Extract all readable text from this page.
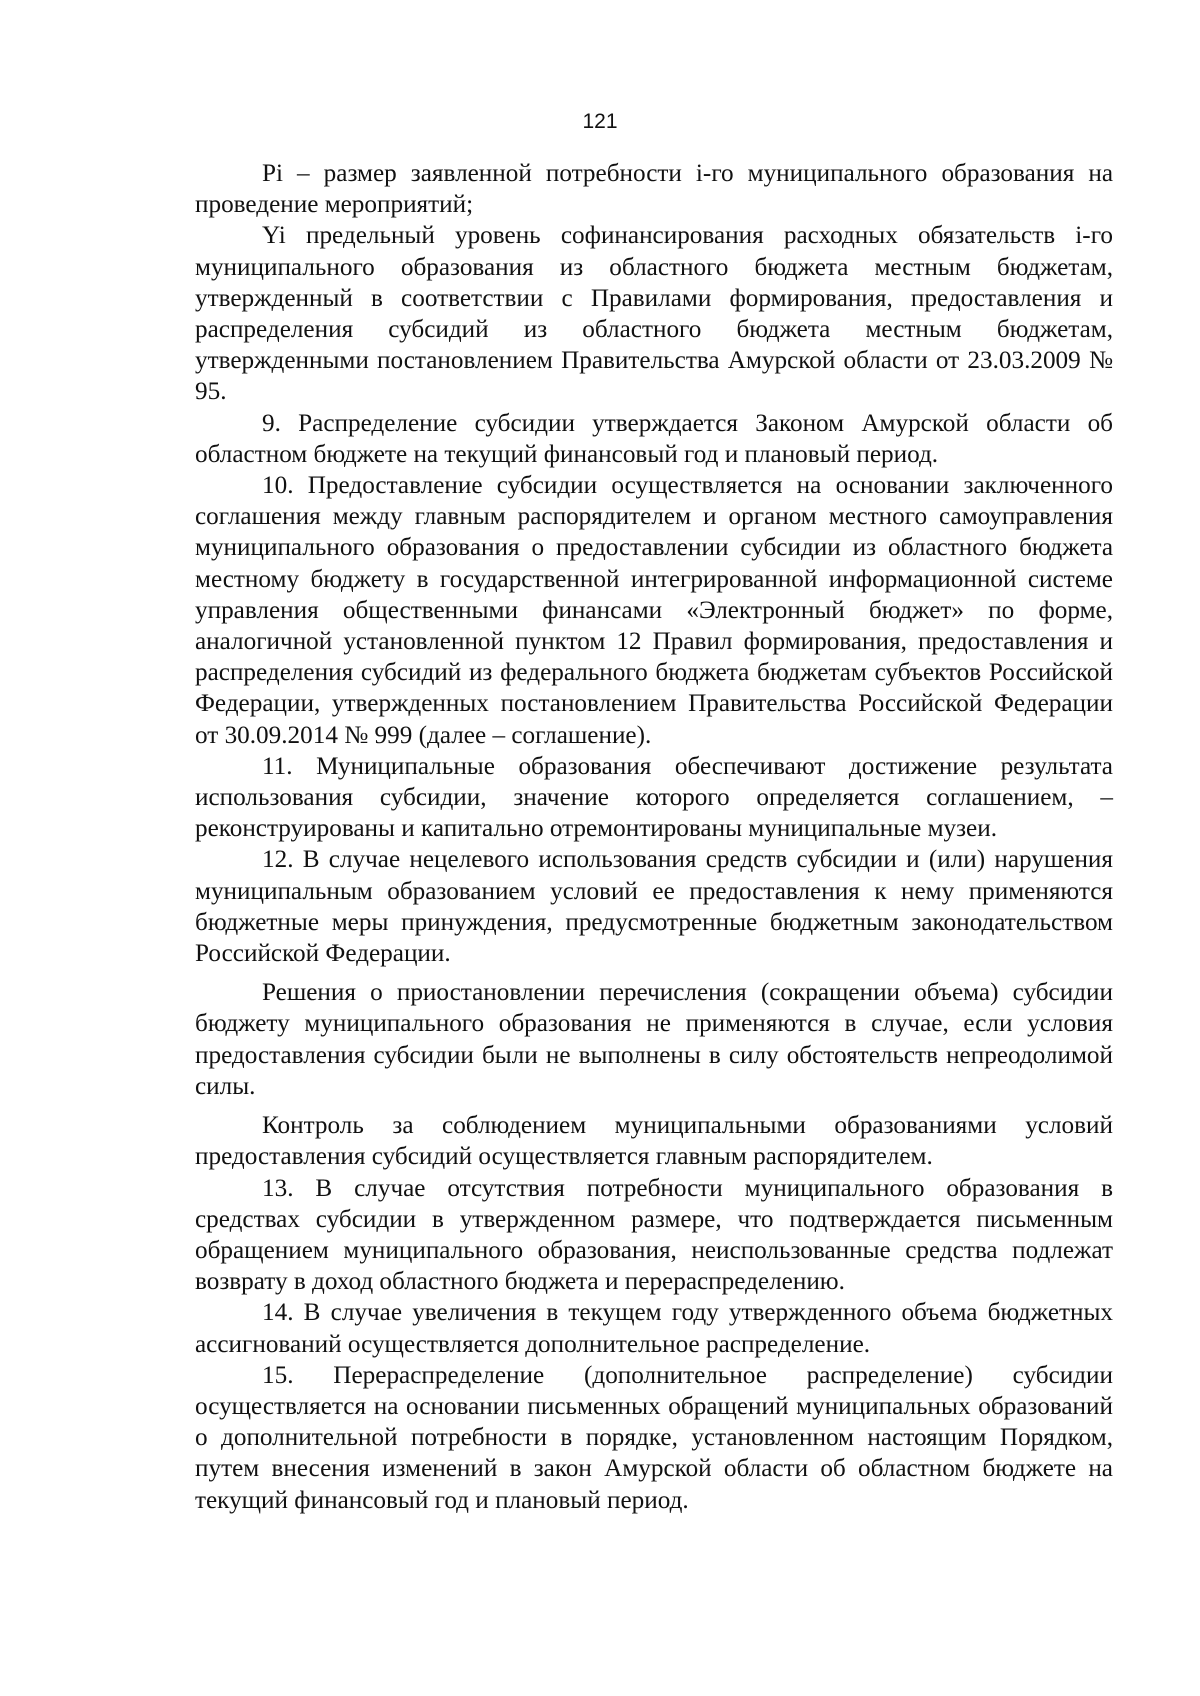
121

Pi – размер заявленной потребности i-го муниципального образования на проведение мероприятий;

Yi предельный уровень софинансирования расходных обязательств i-го муниципального образования из областного бюджета местным бюджетам, утвержденный в соответствии с Правилами формирования, предоставления и распределения субсидий из областного бюджета местным бюджетам, утвержденными постановлением Правительства Амурской области от 23.03.2009 № 95.

9. Распределение субсидии утверждается Законом Амурской области об областном бюджете на текущий финансовый год и плановый период.

10. Предоставление субсидии осуществляется на основании заключенного соглашения между главным распорядителем и органом местного самоуправления муниципального образования о предоставлении субсидии из областного бюджета местному бюджету в государственной интегрированной информационной системе управления общественными финансами «Электронный бюджет» по форме, аналогичной установленной пунктом 12 Правил формирования, предоставления и распределения субсидий из федерального бюджета бюджетам субъектов Российской Федерации, утвержденных постановлением Правительства Российской Федерации от 30.09.2014 № 999 (далее – соглашение).

11. Муниципальные образования обеспечивают достижение результата использования субсидии, значение которого определяется соглашением, – реконструированы и капитально отремонтированы муниципальные музеи.

12. В случае нецелевого использования средств субсидии и (или) нарушения муниципальным образованием условий ее предоставления к нему применяются бюджетные меры принуждения, предусмотренные бюджетным законодательством Российской Федерации.

Решения о приостановлении перечисления (сокращении объема) субсидии бюджету муниципального образования не применяются в случае, если условия предоставления субсидии были не выполнены в силу обстоятельств непреодолимой силы.

Контроль за соблюдением муниципальными образованиями условий предоставления субсидий осуществляется главным распорядителем.

13. В случае отсутствия потребности муниципального образования в средствах субсидии в утвержденном размере, что подтверждается письменным обращением муниципального образования, неиспользованные средства подлежат возврату в доход областного бюджета и перераспределению.

14. В случае увеличения в текущем году утвержденного объема бюджетных ассигнований осуществляется дополнительное распределение.

15. Перераспределение (дополнительное распределение) субсидии осуществляется на основании письменных обращений муниципальных образований о дополнительной потребности в порядке, установленном настоящим Порядком, путем внесения изменений в закон Амурской области об областном бюджете на текущий финансовый год и плановый период.
